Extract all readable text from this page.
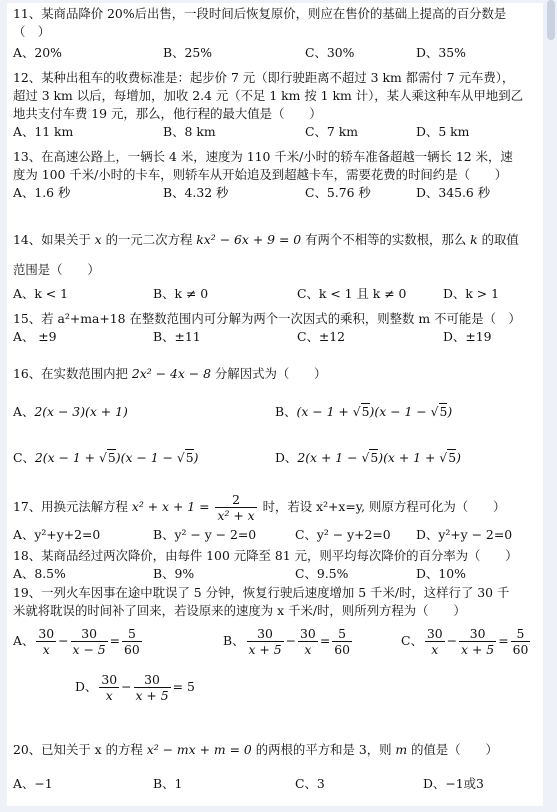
11、某商品降价 20%后出售，一段时间后恢复原价，则应在售价的基础上提高的百分数是
（　）
A、20%	B、25%	C、30%	D、35%
12、某种出租车的收费标准是：起步价 7 元（即行驶距离不超过 3 km 都需付 7 元车费），
超过 3 km 以后，每增加，加收 2.4 元（不足 1 km 按 1 km 计），某人乘这种车从甲地到乙
地共支付车费 19 元，那么，他行程的最大值是（　　）
A、11 km	B、8 km	C、7 km	D、5 km
13、在高速公路上，一辆长 4 米，速度为 110 千米/小时的轿车准备超越一辆长 12 米，速
度为 100 千米/小时的卡车，则轿车从开始追及到超越卡车，需要花费的时间约是（　　）
A、1.6 秒	B、4.32 秒	C、5.76 秒	D、345.6 秒
14、如果关于 x 的一元二次方程 kx² − 6x + 9 = 0 有两个不相等的实数根，那么 k 的取值
范围是（　　）
A、k < 1	B、k ≠ 0	C、k < 1 且 k ≠ 0	D、k > 1
15、若 a²+ma+18 在整数范围内可分解为两个一次因式的乘积，则整数 m 不可能是（　）
A、 ±9	B、±11	C、±12	D、±19
16、在实数范围内把 2x² − 4x − 8 分解因式为（　　）
A、2(x − 3)(x + 1)	B、(x − 1 + √5)(x − 1 − √5)
C、2(x − 1 + √5)(x − 1 − √5)	D、2(x + 1 − √5)(x + 1 + √5)
17、用换元法解方程 $x^2 + x + 1 = \frac{2}{\text{x² + x}}$ 时，若设 x²+x=y, 则原方程可化为（　　）
A、y²+y+2=0	B、y² − y − 2=0	C、y² − y+2=0 D、y²+y − 2=0
18、某商品经过两次降价，由每件 100 元降至 81 元，则平均每次降价的百分率为（　　）
A、8.5%	B、9%	C、9.5%	D、10%
19、一列火车因事在途中耽误了 5 分钟，恢复行驶后速度增加 5 千米/时，这样行了 30 千
米就将耽误的时间补了回来，若设原来的速度为 x 千米/时，则所列方程为（　　）
A、 $\frac{30}{x} - \frac{30}{x - 5} = \frac{5}{60}$	B、 $\frac{30}{x + 5} - \frac{30}{x} = \frac{5}{60}$	C、 $\frac{30}{x} - \frac{30}{x + 5} = \frac{5}{60}$
D、 $\frac{30}{x} - \frac{30}{x + 5} = 5$
20、已知关于 x 的方程 x² − mx + m = 0 的两根的平方和是 3，则 m 的值是（　　）
A、−1	B、1	C、3	D、−1或3
